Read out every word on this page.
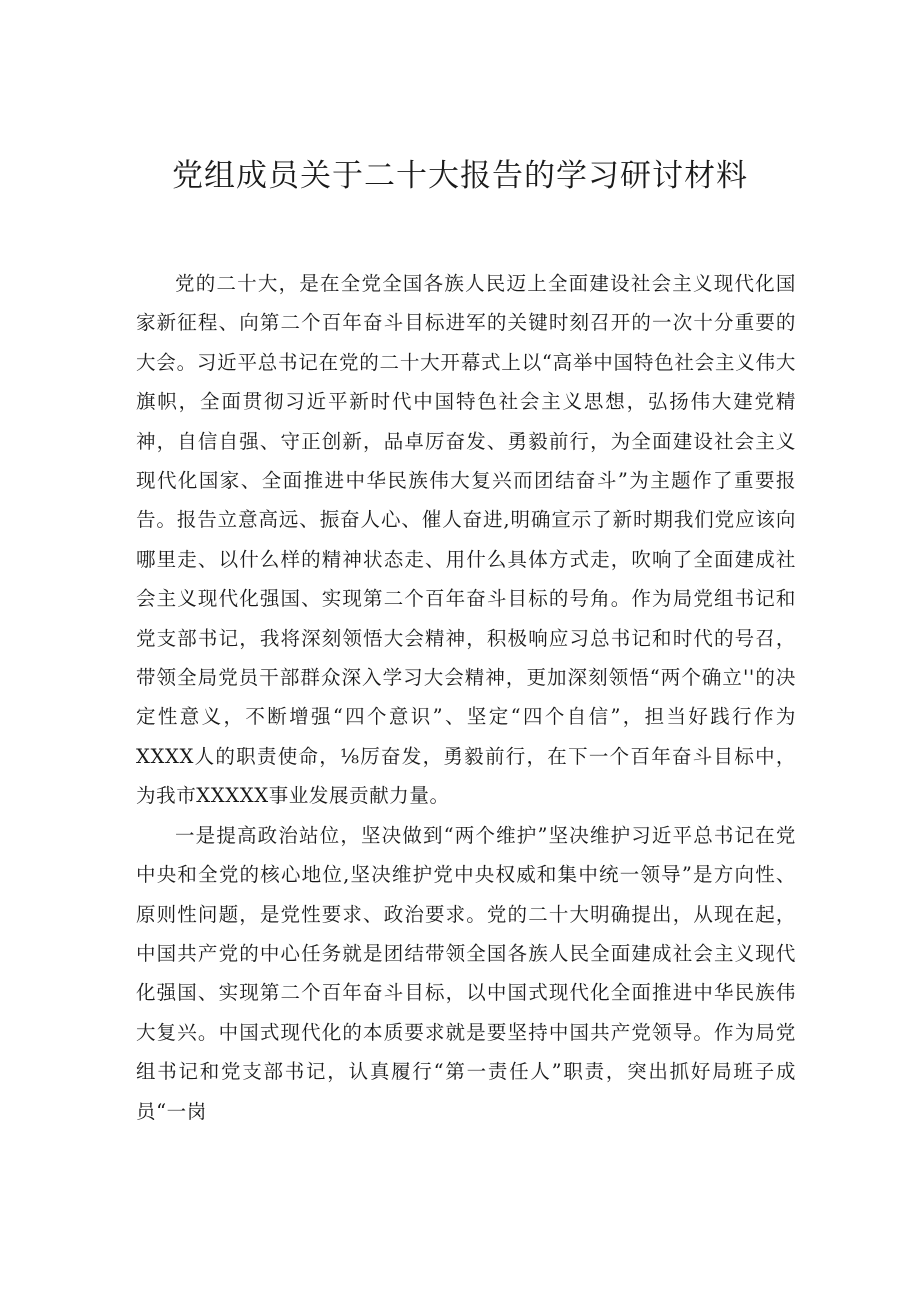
党组成员关于二十大报告的学习研讨材料

党的二十大，是在全党全国各族人民迈上全面建设社会主义现代化国家新征程、向第二个百年奋斗目标进军的关键时刻召开的一次十分重要的大会。习近平总书记在党的二十大开幕式上以“高举中国特色社会主义伟大旗帜，全面贯彻习近平新时代中国特色社会主义思想，弘扬伟大建党精神，自信自强、守正创新，品卓厉奋发、勇毅前行，为全面建设社会主义现代化国家、全面推进中华民族伟大复兴而团结奋斗”为主题作了重要报告。报告立意高远、振奋人心、催人奋进,明确宣示了新时期我们党应该向哪里走、以什么样的精神状态走、用什么具体方式走，吹响了全面建成社会主义现代化强国、实现第二个百年奋斗目标的号角。作为局党组书记和党支部书记，我将深刻领悟大会精神，积极响应习总书记和时代的号召，带领全局党员干部群众深入学习大会精神，更加深刻领悟“两个确立''的决定性意义，不断增强“四个意识”、坚定“四个自信”，担当好践行作为XXXX人的职责使命，⅛厉奋发，勇毅前行，在下一个百年奋斗目标中，为我市XXXXX事业发展贡献力量。

一是提高政治站位，坚决做到“两个维护”坚决维护习近平总书记在党中央和全党的核心地位,坚决维护党中央权威和集中统一领导”是方向性、原则性问题，是党性要求、政治要求。党的二十大明确提出，从现在起，中国共产党的中心任务就是团结带领全国各族人民全面建成社会主义现代化强国、实现第二个百年奋斗目标，以中国式现代化全面推进中华民族伟大复兴。中国式现代化的本质要求就是要坚持中国共产党领导。作为局党组书记和党支部书记，认真履行“第一责任人”职责，突出抓好局班子成员“一岗
